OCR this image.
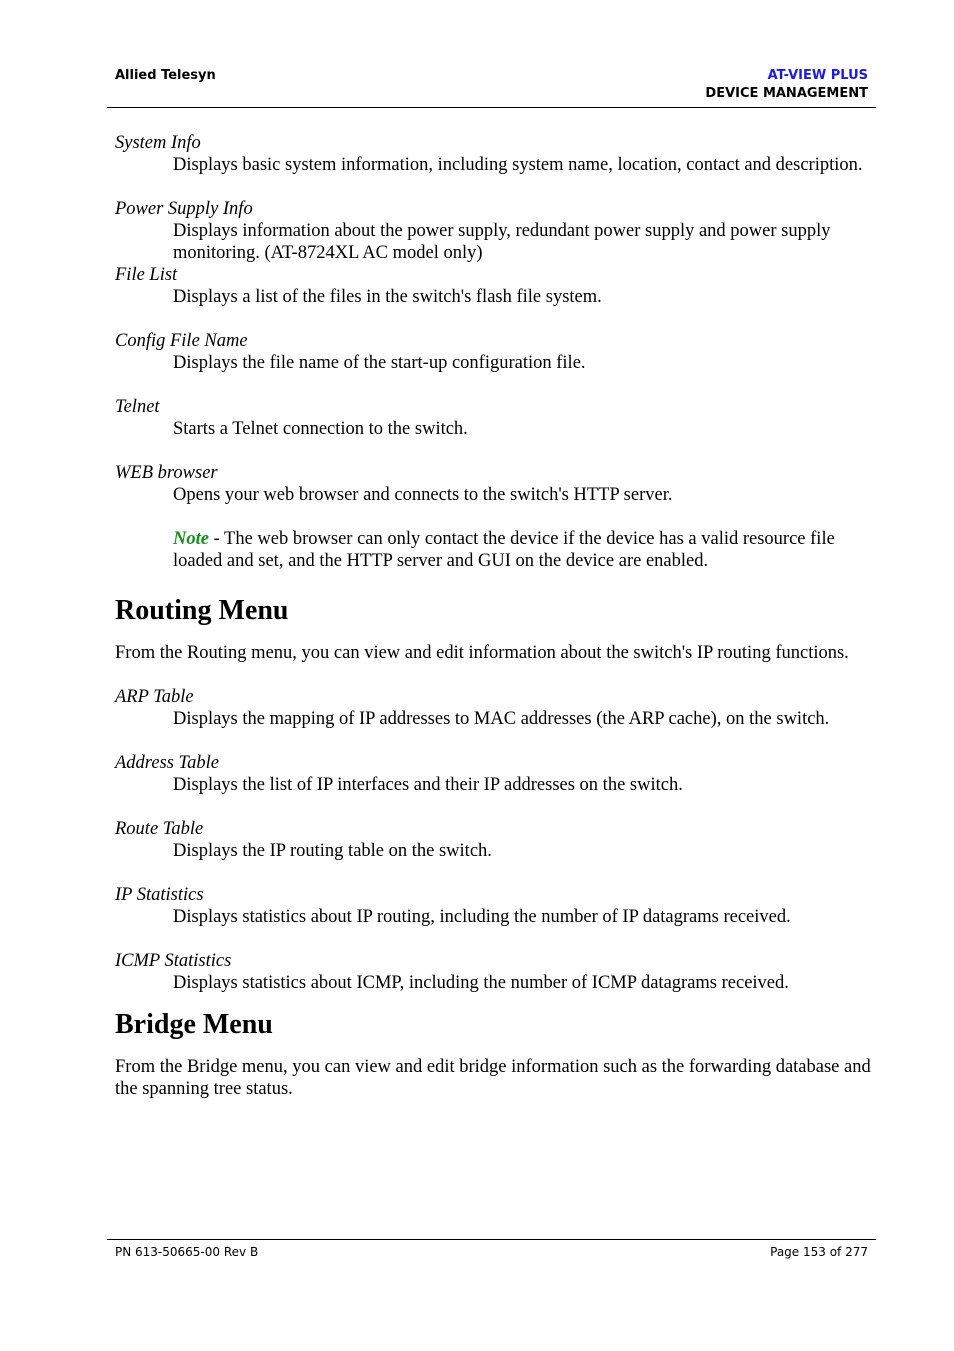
Allied Telesyn	AT-VIEW PLUS
DEVICE MANAGEMENT

System Info

Displays basic system information, including system name, location, contact and description.

Power Supply Info

Displays information about the power supply, redundant power supply and power supply monitoring. (AT-8724XL AC model only)

File List

Displays a list of the files in the switch's flash file system.

Config File Name

Displays the file name of the start-up configuration file.

Telnet

Starts a Telnet connection to the switch.

WEB browser

Opens your web browser and connects to the switch's HTTP server.

Note - The web browser can only contact the device if the device has a valid resource file loaded and set, and the HTTP server and GUI on the device are enabled.

Routing Menu

From the Routing menu, you can view and edit information about the switch's IP routing functions.

ARP Table

Displays the mapping of IP addresses to MAC addresses (the ARP cache), on the switch.

Address Table

Displays the list of IP interfaces and their IP addresses on the switch.

Route Table

Displays the IP routing table on the switch.

IP Statistics

Displays statistics about IP routing, including the number of IP datagrams received.

ICMP Statistics

Displays statistics about ICMP, including the number of ICMP datagrams received.

Bridge Menu

From the Bridge menu, you can view and edit bridge information such as the forwarding database and the spanning tree status.

PN 613-50665-00 Rev B	Page 153 of 277
